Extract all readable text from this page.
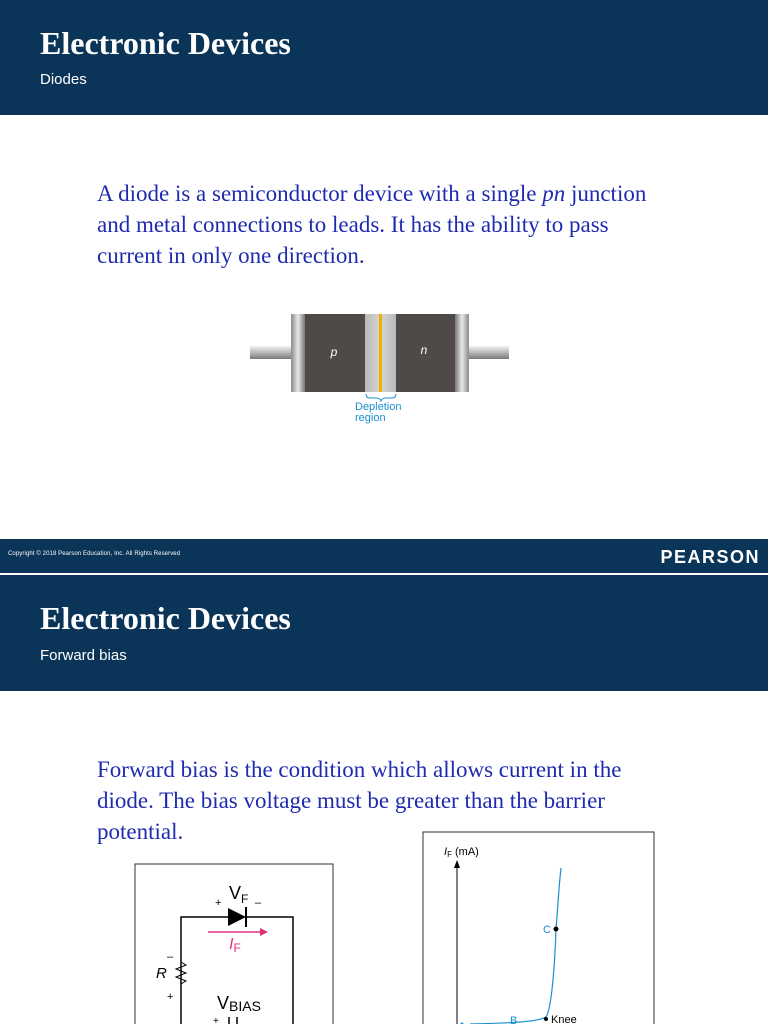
Electronic Devices
Diodes

A diode is a semiconductor device with a single pn junction and metal connections to leads. It has the ability to pass current in only one direction.

p	n
Depletion
region
Copyright © 2018 Pearson Education, Inc. All Rights Reserved	PEARSON
Electronic Devices
Forward bias

Forward bias is the condition which allows current in the diode. The bias voltage must be greater than the barrier potential.

+ $V_F$ –
IF
R
–
+ VBIAS
+
IF (mA)
C
B	Knee
